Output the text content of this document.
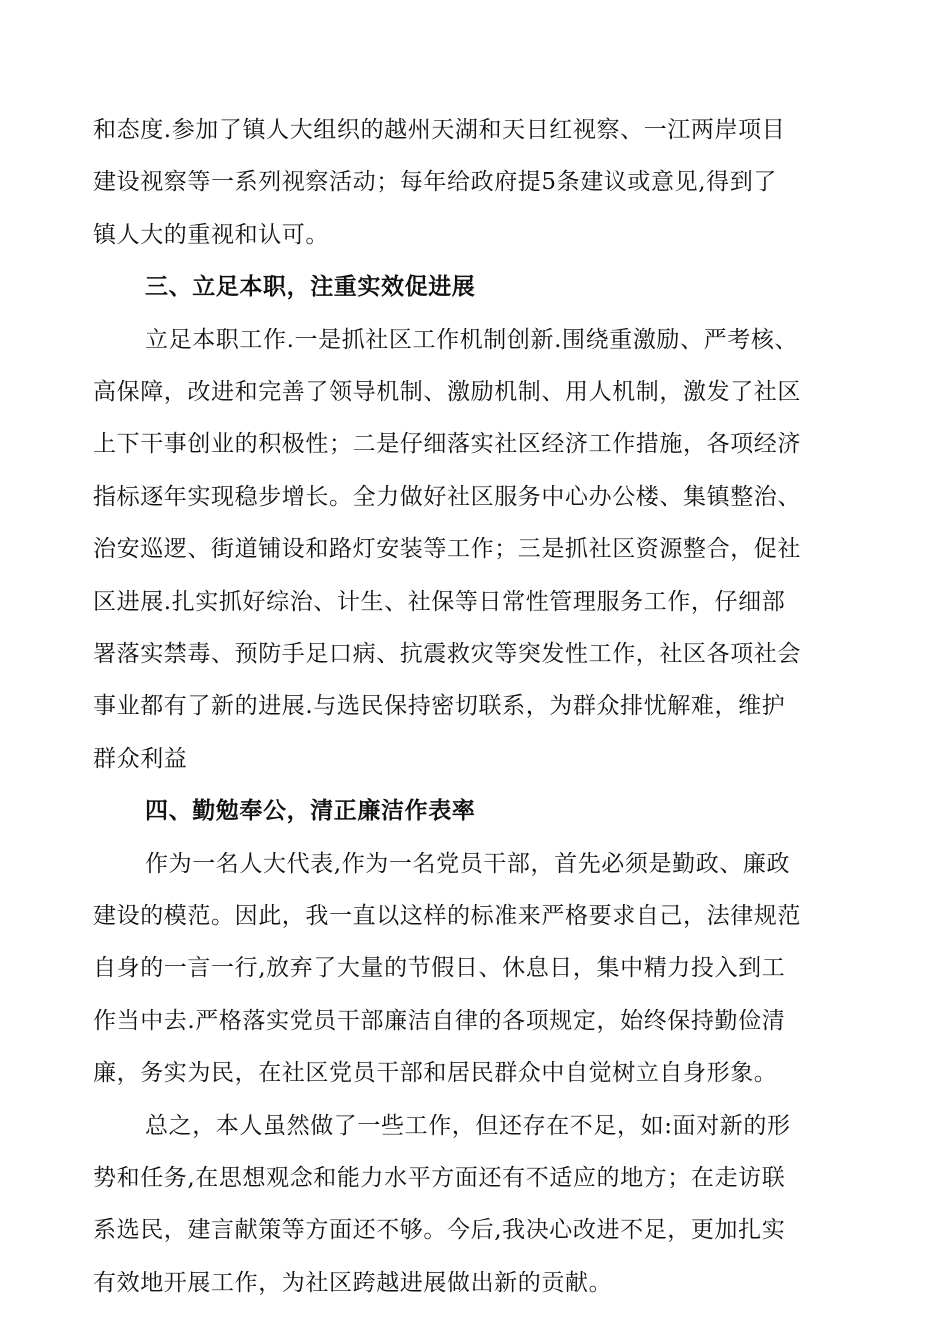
和态度.参加了镇人大组织的越州天湖和天日红视察、一江两岸项目
建设视察等一系列视察活动；每年给政府提5条建议或意见,得到了
镇人大的重视和认可。
三、立足本职，注重实效促进展
立足本职工作.一是抓社区工作机制创新.围绕重激励、严考核、
高保障，改进和完善了领导机制、激励机制、用人机制，激发了社区
上下干事创业的积极性；二是仔细落实社区经济工作措施，各项经济
指标逐年实现稳步增长。全力做好社区服务中心办公楼、集镇整治、
治安巡逻、街道铺设和路灯安装等工作；三是抓社区资源整合，促社
区进展.扎实抓好综治、计生、社保等日常性管理服务工作，仔细部
署落实禁毒、预防手足口病、抗震救灾等突发性工作，社区各项社会
事业都有了新的进展.与选民保持密切联系，为群众排忧解难，维护
群众利益
四、勤勉奉公，清正廉洁作表率
作为一名人大代表,作为一名党员干部，首先必须是勤政、廉政
建设的模范。因此，我一直以这样的标准来严格要求自己，法律规范
自身的一言一行,放弃了大量的节假日、休息日，集中精力投入到工
作当中去.严格落实党员干部廉洁自律的各项规定，始终保持勤俭清
廉，务实为民，在社区党员干部和居民群众中自觉树立自身形象。
总之，本人虽然做了一些工作，但还存在不足，如:面对新的形
势和任务,在思想观念和能力水平方面还有不适应的地方；在走访联
系选民，建言献策等方面还不够。今后,我决心改进不足，更加扎实
有效地开展工作，为社区跨越进展做出新的贡献。
